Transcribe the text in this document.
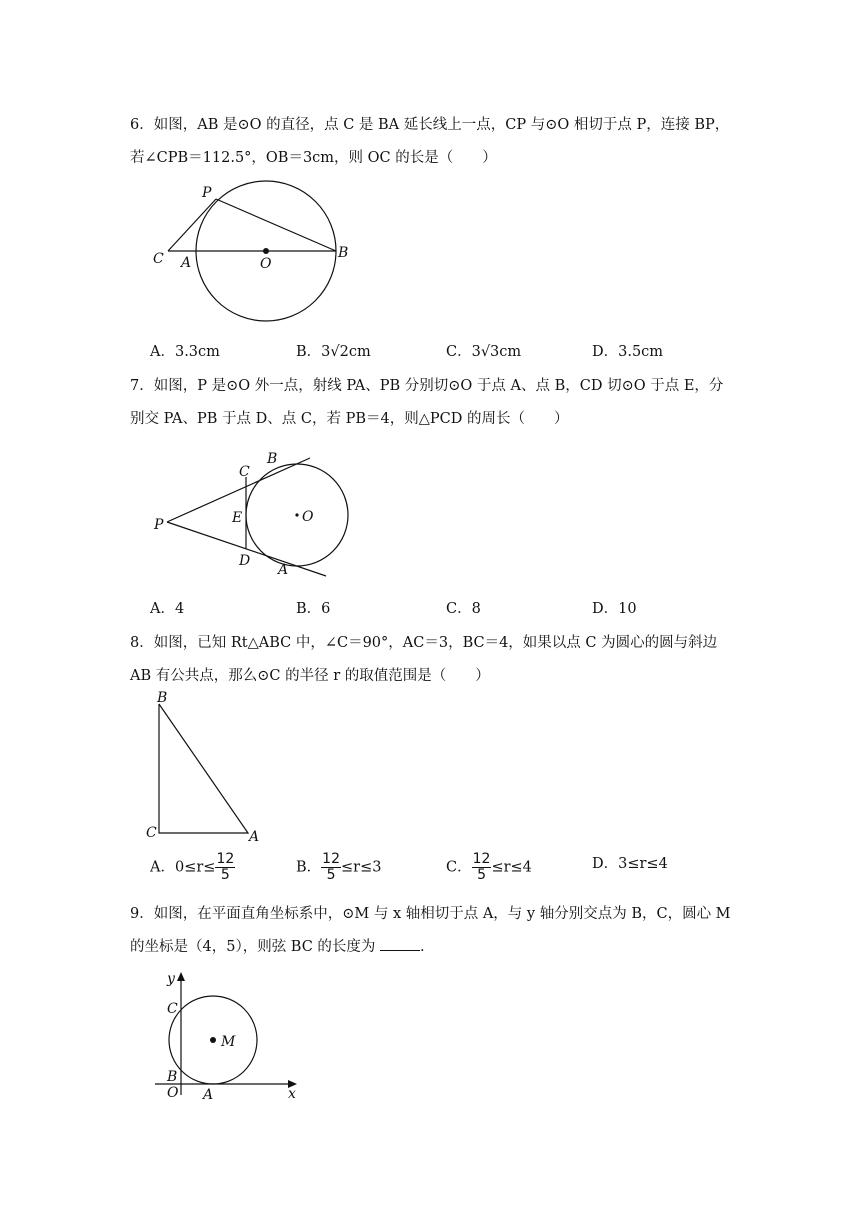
6．如图，AB 是⊙O 的直径，点 C 是 BA 延长线上一点，CP 与⊙O 相切于点 P，连接 BP，
若∠CPB＝112.5°，OB＝3cm，则 OC 的长是（　　）
P
C A	O
B
A．3.3cm	B．3√2cm	C．3√3cm	D．3.5cm
7．如图，P 是⊙O 外一点，射线 PA、PB 分别切⊙O 于点 A、点 B，CD 切⊙O 于点 E，分
别交 PA、PB 于点 D、点 C，若 PB＝4，则△PCD 的周长（　　）
C
B
E
P	O
D
A
A．4	B．6	C．8	D．10
8．如图，已知 Rt△ABC 中，∠C＝90°，AC＝3，BC＝4，如果以点 C 为圆心的圆与斜边
AB 有公共点，那么⊙C 的半径 r 的取值范围是（　　）
B
C	A
A．$0\le r\le \frac{12}{5}$	B． $\frac{12}{5} \le r\le 3$	C． $\frac{12}{5} \le r\le 4$	D．3≤r≤4
9．如图，在平面直角坐标系中，⊙M 与 x 轴相切于点 A，与 y 轴分别交点为 B，C，圆心 M
的坐标是（4，5），则弦 BC 的长度为	.
y
C
M
B
O A	x
